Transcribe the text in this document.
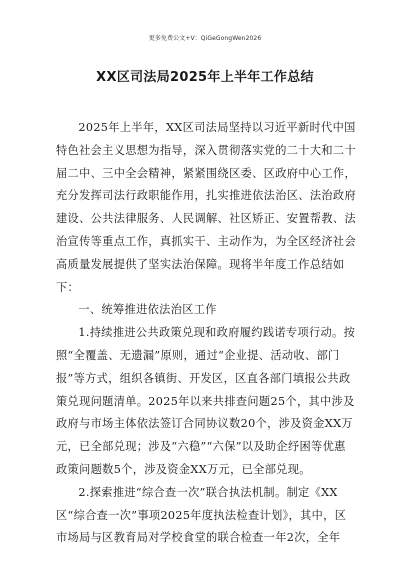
更多免费公文+V：QiGeGongWen2026
XX区司法局2025年上半年工作总结

2025年上半年，XX区司法局坚持以习近平新时代中国特色社会主义思想为指导，深入贯彻落实党的二十大和二十届二中、三中全会精神，紧紧围绕区委、区政府中心工作，充分发挥司法行政职能作用，扎实推进依法治区、法治政府建设、公共法律服务、人民调解、社区矫正、安置帮教、法治宣传等重点工作，真抓实干、主动作为，为全区经济社会高质量发展提供了坚实法治保障。现将半年度工作总结如下：

一、统筹推进依法治区工作

1.持续推进公共政策兑现和政府履约践诺专项行动。按照“全覆盖、无遗漏”原则，通过“企业提、活动收、部门报”等方式，组织各镇街、开发区，区直各部门填报公共政策兑现问题清单。2025年以来共排查问题25个，其中涉及政府与市场主体依法签订合同协议数20个，涉及资金XX万元，已全部兑现；涉及“六稳”“六保”以及助企纾困等优惠政策问题数5个，涉及资金XX万元，已全部兑现。

2.探索推进“综合查一次”联合执法机制。制定《XX区“综合查一次”事项2025年度执法检查计划》，其中，区市场局与区教育局对学校食堂的联合检查一年2次，全年
